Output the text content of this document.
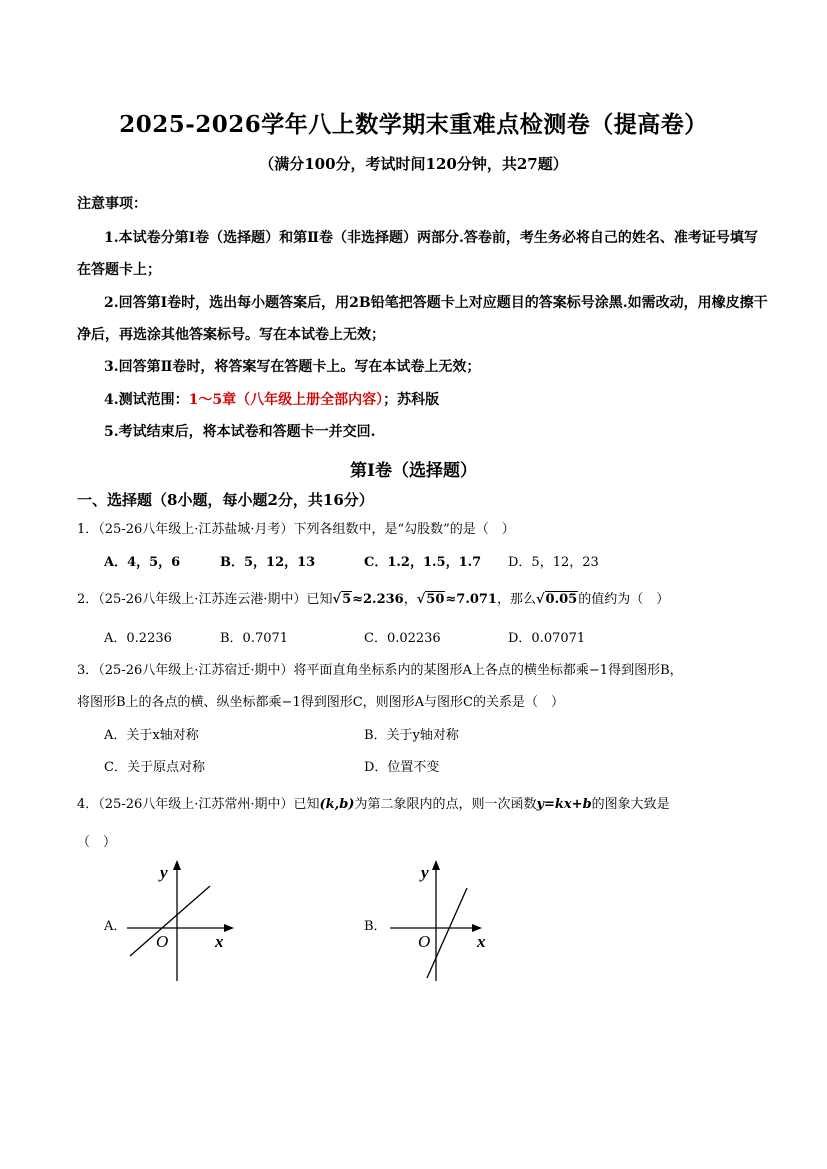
2025-2026学年八上数学期末重难点检测卷（提高卷）
（满分100分，考试时间120分钟，共27题）
注意事项：
1.本试卷分第Ⅰ卷（选择题）和第Ⅱ卷（非选择题）两部分.答卷前，考生务必将自己的姓名、准考证号填写
在答题卡上；
2.回答第Ⅰ卷时，选出每小题答案后，用2B铅笔把答题卡上对应题目的答案标号涂黑.如需改动，用橡皮擦干
净后，再选涂其他答案标号。写在本试卷上无效；
3.回答第Ⅱ卷时，将答案写在答题卡上。写在本试卷上无效；
4.测试范围：1～5章（八年级上册全部内容）；苏科版
5.考试结束后，将本试卷和答题卡一并交回.
第Ⅰ卷（选择题）
一、选择题（8小题，每小题2分，共16分）
1．（25-26八年级上·江苏盐城·月考）下列各组数中，是“勾股数”的是（　）
A．4，5，6	B．5，12，13	C．1.2，1.5，1.7 D．5，12，23
2．（25-26八年级上·江苏连云港·期中）已知√5≈2.236，√50≈7.071，那么√0.05的值约为（　）
A．0.2236	B．0.7071	C．0.02236	D．0.07071
3．（25-26八年级上·江苏宿迁·期中）将平面直角坐标系内的某图形A上各点的横坐标都乘−1得到图形B，
将图形B上的各点的横、纵坐标都乘−1得到图形C，则图形A与图形C的关系是（　）
A．关于x轴对称	B．关于y轴对称
C．关于原点对称	D．位置不变
4．（25-26八年级上·江苏常州·期中）已知(k,b)为第二象限内的点，则一次函数y=kx+b的图象大致是
（　）
A．
y
x
O
B．
y
x
O
